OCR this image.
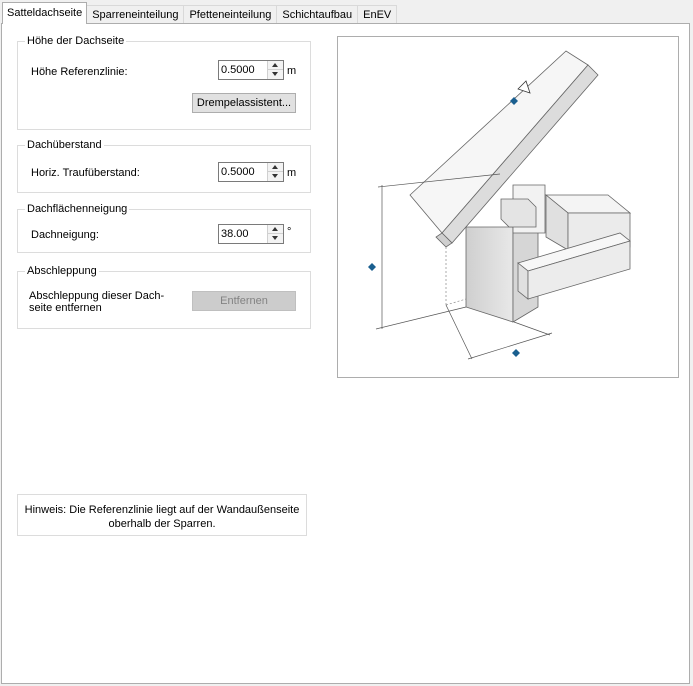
Satteldachseite Sparreneinteilung	Pfetteneinteilung	Schichtaufbau	EnEV
Höhe der Dachseite
Höhe Referenzlinie:
0.5000	m
Drempelassistent...
Dachüberstand
Horiz. Traufüberstand:
0.5000	m
Dachflächenneigung
Dachneigung:
38.00	°
Abschleppung
Abschleppung dieser Dach-
seite entfernen
Entfernen
Hinweis: Die Referenzlinie liegt auf der Wandaußenseite
oberhalb der Sparren.
